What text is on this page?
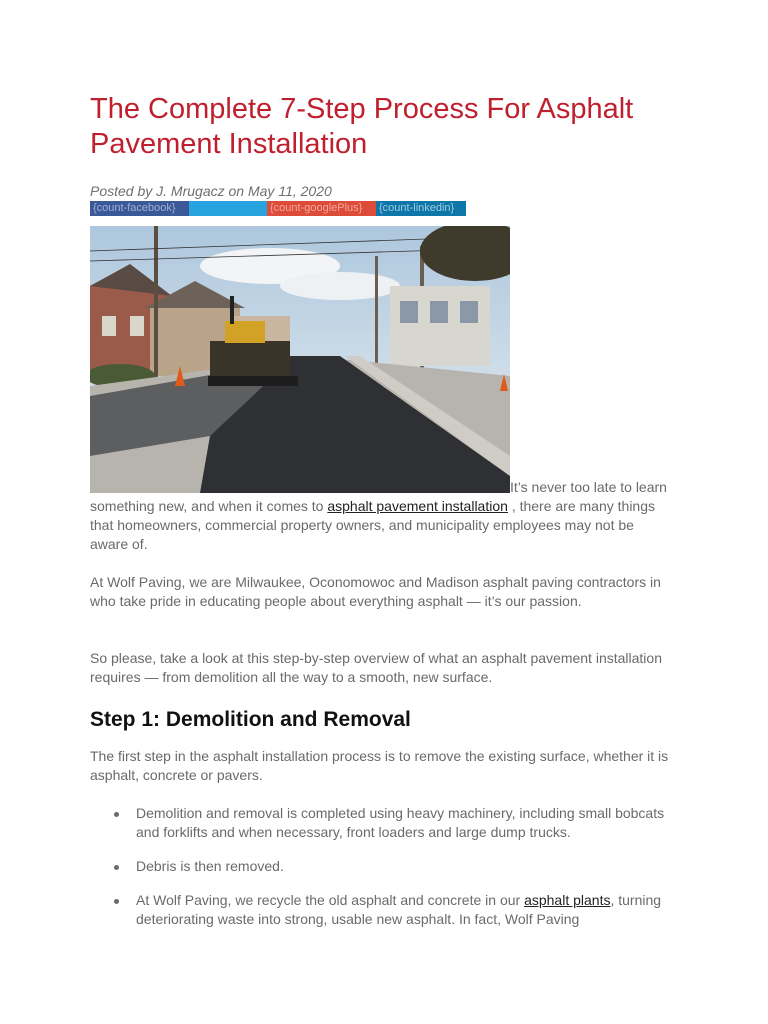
The Complete 7-Step Process For Asphalt Pavement Installation

Posted by J. Mrugacz on May 11, 2020

{count-facebook}	{count-twitter} {count-googlePlus}	{count-linkedin}

It’s never too late to learn something new, and when it comes to asphalt pavement installation , there are many things that homeowners, commercial property owners, and municipality employees may not be aware of.

At Wolf Paving, we are Milwaukee, Oconomowoc and Madison asphalt paving contractors in who take pride in educating people about everything asphalt — it’s our passion.

So please, take a look at this step-by-step overview of what an asphalt pavement installation requires — from demolition all the way to a smooth, new surface.

Step 1: Demolition and Removal

The first step in the asphalt installation process is to remove the existing surface, whether it is asphalt, concrete or pavers.

Demolition and removal is completed using heavy machinery, including small bobcats and forklifts and when necessary, front loaders and large dump trucks.
Debris is then removed.
At Wolf Paving, we recycle the old asphalt and concrete in our asphalt plants, turning deteriorating waste into strong, usable new asphalt. In fact, Wolf Paving
